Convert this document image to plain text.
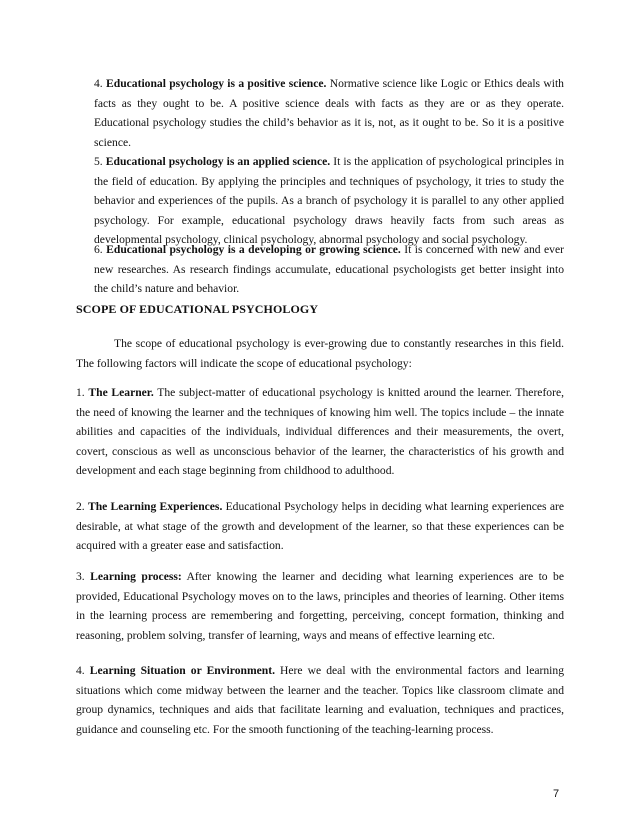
4. Educational psychology is a positive science. Normative science like Logic or Ethics deals with facts as they ought to be. A positive science deals with facts as they are or as they operate. Educational psychology studies the child’s behavior as it is, not, as it ought to be. So it is a positive science.

5. Educational psychology is an applied science. It is the application of psychological principles in the field of education. By applying the principles and techniques of psychology, it tries to study the behavior and experiences of the pupils. As a branch of psychology it is parallel to any other applied psychology. For example, educational psychology draws heavily facts from such areas as developmental psychology, clinical psychology, abnormal psychology and social psychology.

6. Educational psychology is a developing or growing science. It is concerned with new and ever new researches. As research findings accumulate, educational psychologists get better insight into the child’s nature and behavior.

SCOPE OF EDUCATIONAL PSYCHOLOGY

The scope of educational psychology is ever-growing due to constantly researches in this field. The following factors will indicate the scope of educational psychology:

1. The Learner. The subject-matter of educational psychology is knitted around the learner. Therefore, the need of knowing the learner and the techniques of knowing him well. The topics include – the innate abilities and capacities of the individuals, individual differences and their measurements, the overt, covert, conscious as well as unconscious behavior of the learner, the characteristics of his growth and development and each stage beginning from childhood to adulthood.

2. The Learning Experiences. Educational Psychology helps in deciding what learning experiences are desirable, at what stage of the growth and development of the learner, so that these experiences can be acquired with a greater ease and satisfaction.

3. Learning process: After knowing the learner and deciding what learning experiences are to be provided, Educational Psychology moves on to the laws, principles and theories of learning. Other items in the learning process are remembering and forgetting, perceiving, concept formation, thinking and reasoning, problem solving, transfer of learning, ways and means of effective learning etc.

4. Learning Situation or Environment. Here we deal with the environmental factors and learning situations which come midway between the learner and the teacher. Topics like classroom climate and group dynamics, techniques and aids that facilitate learning and evaluation, techniques and practices, guidance and counseling etc. For the smooth functioning of the teaching-learning process.

7
